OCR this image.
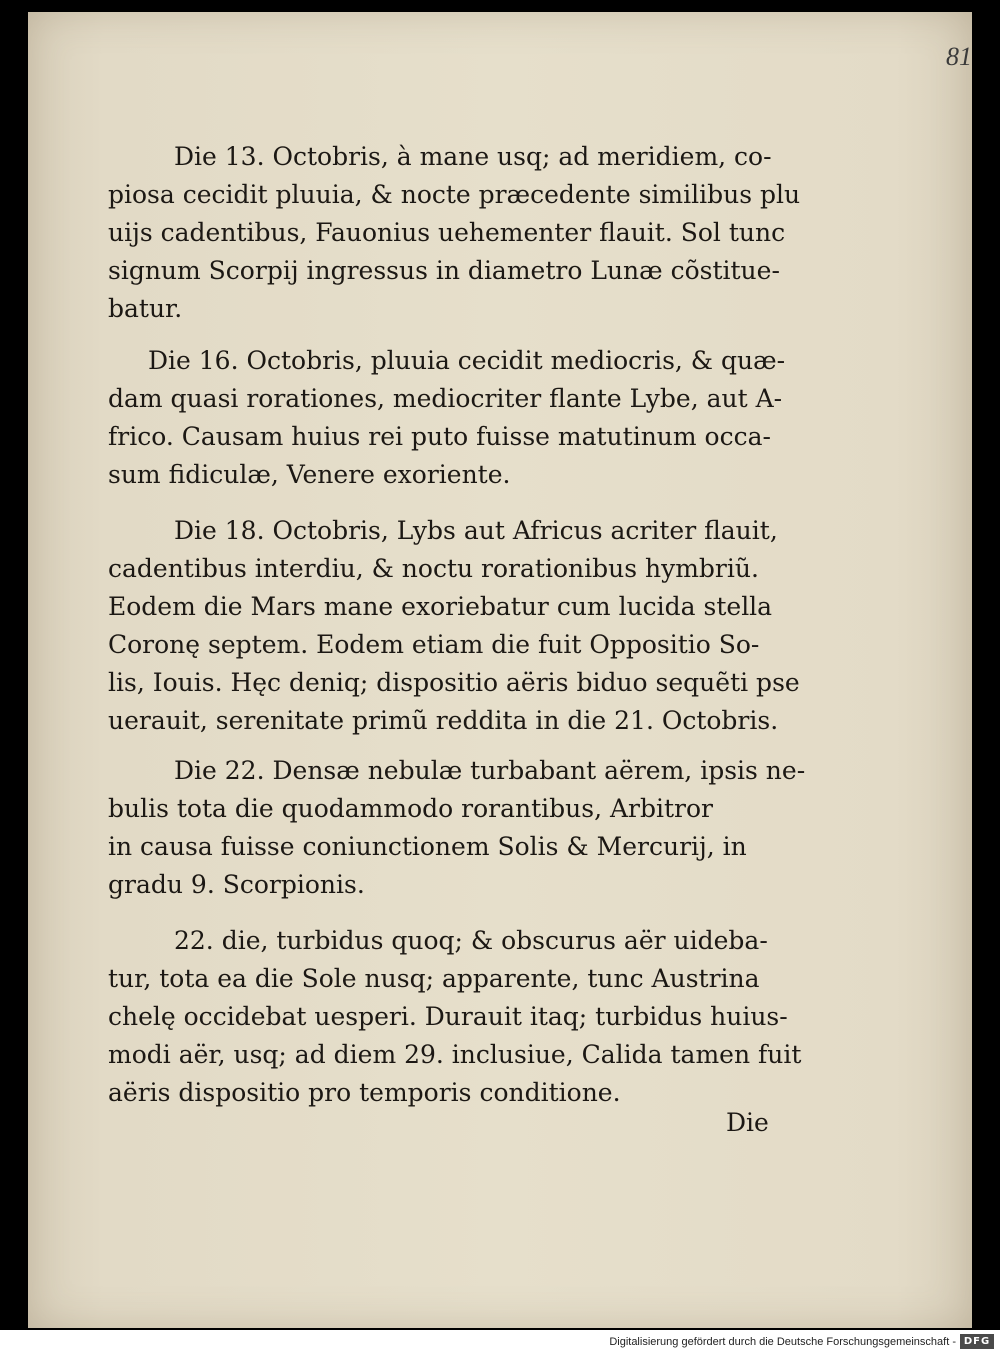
81
Die 13. Octobris, à mane usq; ad meridiem, co-
piosa cecidit pluuia, & nocte præcedente similibus plu
uijs cadentibus, Fauonius uehementer flauit. Sol tunc
signum Scorpij ingressus in diametro Lunæ cõstitue-
batur.
Die 16. Octobris, pluuia cecidit mediocris, & quæ-
dam quasi rorationes, mediocriter flante Lybe, aut A-
frico. Causam huius rei puto fuisse matutinum occa-
sum fidiculæ, Venere exoriente.
Die 18. Octobris, Lybs aut Africus acriter flauit,
cadentibus interdiu, & noctu rorationibus hymbriũ.
Eodem die Mars mane exoriebatur cum lucida stella
Coronę septem. Eodem etiam die fuit Oppositio So-
lis, Iouis. Hęc deniq; dispositio aëris biduo sequẽti pse
uerauit, serenitate primũ reddita in die 21. Octobris.
Die 22. Densæ nebulæ turbabant aërem, ipsis ne-
bulis tota die quodammodo rorantibus, Arbitror
in causa fuisse coniunctionem Solis & Mercurij, in
gradu 9. Scorpionis.
22. die, turbidus quoq; & obscurus aër uideba-
tur, tota ea die Sole nusq; apparente, tunc Austrina
chelę occidebat uesperi. Durauit itaq; turbidus huius-
modi aër, usq; ad diem 29. inclusiue, Calida tamen fuit
aëris dispositio pro temporis conditione.
Die
Digitalisierung gefördert durch die Deutsche Forschungsgemeinschaft - DFG
